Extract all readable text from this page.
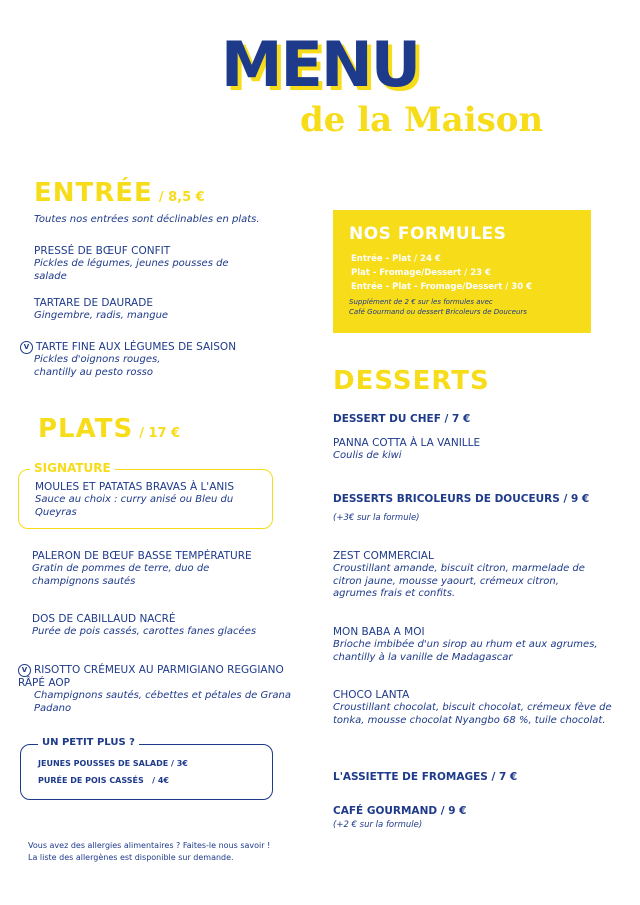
MENU
de la Maison
ENTRÉE / 8,5 €
Toutes nos entrées sont déclinables en plats.
PRESSÉ DE BŒUF CONFIT
Pickles de légumes, jeunes pousses de salade
TARTARE DE DAURADE
Gingembre, radis, mangue
V TARTE FINE AUX LÉGUMES DE SAISON
Pickles d'oignons rouges, chantilly au pesto rosso
PLATS / 17 €
SIGNATURE
MOULES ET PATATAS BRAVAS À L'ANIS
Sauce au choix : curry anisé ou Bleu du Queyras
PALERON DE BŒUF BASSE TEMPÉRATURE
Gratin de pommes de terre, duo de champignons sautés
DOS DE CABILLAUD NACRÉ
Purée de pois cassés, carottes fanes glacées
V RISOTTO CRÉMEUX AU PARMIGIANO REGGIANO RÂPÉ AOP
Champignons sautés, cébettes et pétales de Grana Padano
UN PETIT PLUS ?
JEUNES POUSSES DE SALADE / 3€
PURÉE DE POIS CASSÉS   / 4€
NOS FORMULES
Entrée - Plat / 24 €
Plat - Fromage/Dessert / 23 €
Entrée - Plat - Fromage/Dessert / 30 €
Supplément de 2 € sur les formules avec
Café Gourmand ou dessert Bricoleurs de Douceurs
DESSERTS
DESSERT DU CHEF / 7 €
PANNA COTTA À LA VANILLE
Coulis de kiwi
DESSERTS BRICOLEURS DE DOUCEURS / 9 €
(+3€ sur la formule)
ZEST COMMERCIAL
Croustillant amande, biscuit citron, marmelade de citron jaune, mousse yaourt, crémeux citron, agrumes frais et confits.
MON BABA A MOI
Brioche imbibée d'un sirop au rhum et aux agrumes, chantilly à la vanille de Madagascar
CHOCO LANTA
Croustillant chocolat, biscuit chocolat, crémeux fève de tonka, mousse chocolat Nyangbo 68 %, tuile chocolat.
L'ASSIETTE DE FROMAGES / 7 €
CAFÉ GOURMAND / 9 €
(+2 € sur la formule)
Vous avez des allergies alimentaires ? Faites-le nous savoir !
La liste des allergènes est disponible sur demande.
